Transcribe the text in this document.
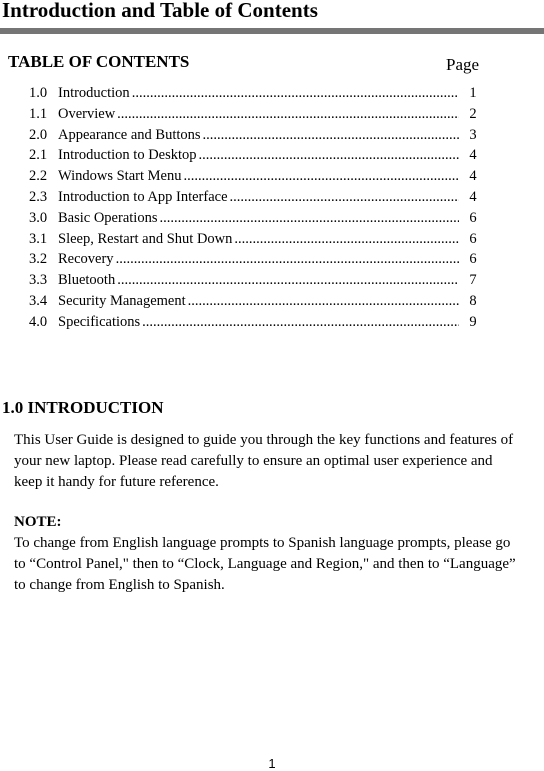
Introduction and Table of Contents
TABLE OF CONTENTS	Page
1.0 Introduction .....	1
1.1 Overview .....	2
2.0 Appearance and Buttons .....	3
2.1 Introduction to Desktop .....	4
2.2 Windows Start Menu .....	4
2.3 Introduction to App Interface .....	4
3.0 Basic Operations .....	6
3.1 Sleep, Restart and Shut Down .....	6
3.2 Recovery .....	6
3.3 Bluetooth .....	7
3.4 Security Management .....	8
4.0 Specifications .....	9
1.0 INTRODUCTION

This User Guide is designed to guide you through the key functions and features of your new laptop. Please read carefully to ensure an optimal user experience and keep it handy for future reference.

NOTE:

To change from English language prompts to Spanish language prompts, please go to “Control Panel," then to “Clock, Language and Region," and then to “Language” to change from English to Spanish.

1
